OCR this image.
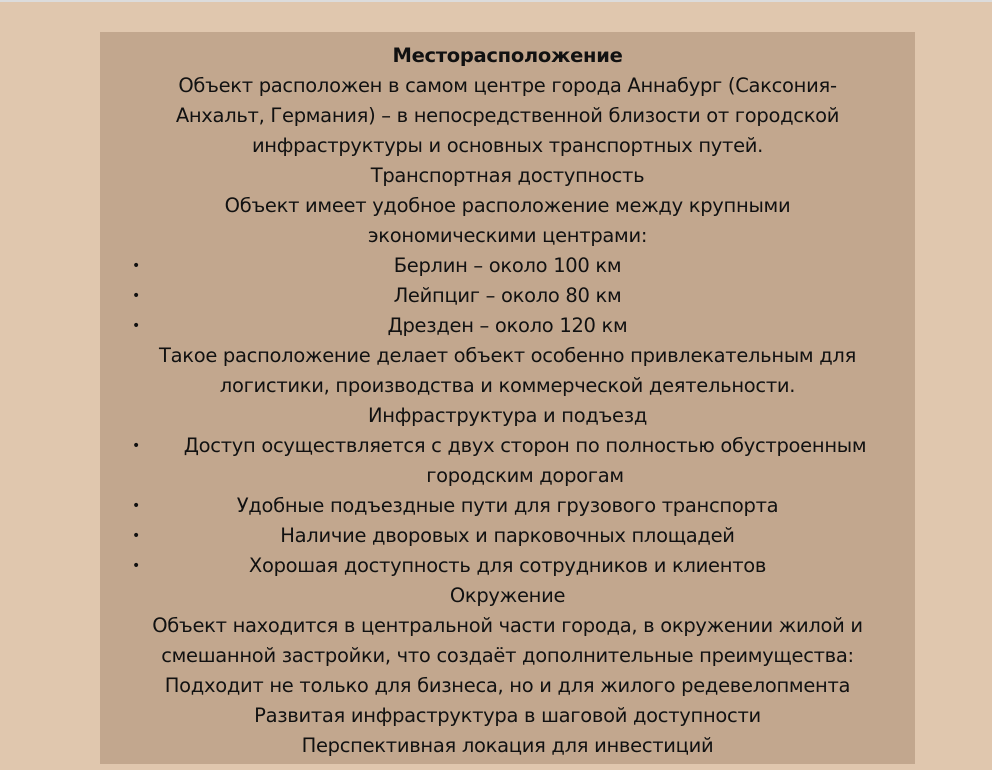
Месторасположение
Объект расположен в самом центре города Аннабург (Саксония-
Анхальт, Германия) – в непосредственной близости от городской
инфраструктуры и основных транспортных путей.
Транспортная доступность
Объект имеет удобное расположение между крупными
экономическими центрами:
•	Берлин – около 100 км
•	Лейпциг – около 80 км
•	Дрезден – около 120 км
Такое расположение делает объект особенно привлекательным для
логистики, производства и коммерческой деятельности.
Инфраструктура и подъезд
• Доступ осуществляется с двух сторон по полностью обустроенным городским дорогам
•	Удобные подъездные пути для грузового транспорта
•	Наличие дворовых и парковочных площадей
•	Хорошая доступность для сотрудников и клиентов
Окружение
Объект находится в центральной части города, в окружении жилой и
смешанной застройки, что создаёт дополнительные преимущества:
Подходит не только для бизнеса, но и для жилого редевелопмента
Развитая инфраструктура в шаговой доступности
Перспективная локация для инвестиций
